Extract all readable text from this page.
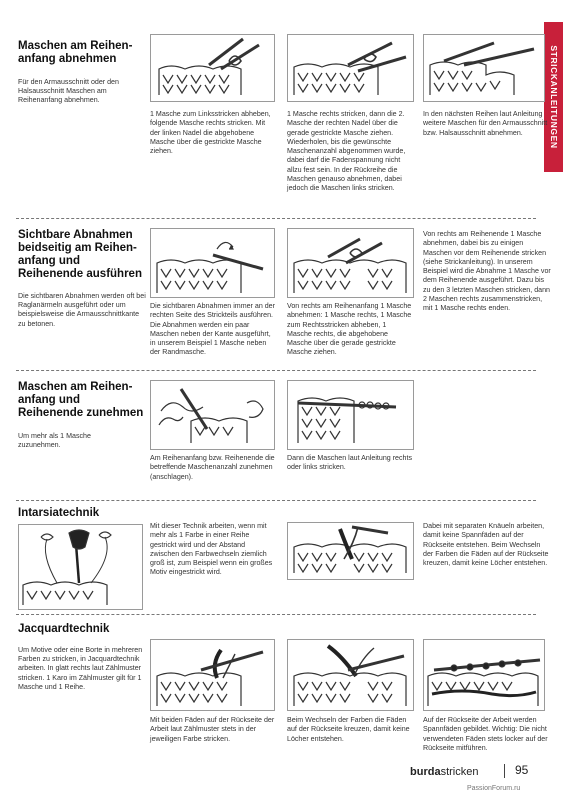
STRICKANLEITUNGEN
Maschen am Reihen-
anfang abnehmen
Für den Armausschnitt oder den Halsausschnitt Maschen am Reihenanfang abnehmen.
1 Masche zum Linksstricken abheben, folgende Masche rechts stricken. Mit der linken Nadel die abgehobene Masche über die gestrickte Masche ziehen.
1 Masche rechts stricken, dann die 2. Masche der rechten Nadel über die gerade gestrickte Masche ziehen. Wiederholen, bis die gewünschte Maschenanzahl abgenommen wurde, dabei darf die Fadenspannung nicht allzu fest sein. In der Rückreihe die Maschen genauso abnehmen, dabei jedoch die Maschen links stricken.
In den nächsten Reihen laut Anleitung weitere Maschen für den Armausschnitt bzw. Halsausschnitt abnehmen.
Sichtbare Abnahmen beidseitig am Reihen-anfang und Reihenende ausführen
Die sichtbaren Abnahmen werden oft bei Raglanärmeln ausgeführt oder um beispielsweise die Armausschnittkante zu betonen.
Die sichtbaren Abnahmen immer an der rechten Seite des Strickteils ausführen. Die Abnahmen werden ein paar Maschen neben der Kante ausgeführt, in unserem Beispiel 1 Masche neben der Randmasche.
Von rechts am Reihenanfang 1 Masche abnehmen: 1 Masche rechts, 1 Masche zum Rechtsstricken abheben, 1 Masche rechts, die abgehobene Masche über die gerade gestrickte Masche ziehen.
Von rechts am Reihenende 1 Masche abnehmen, dabei bis zu einigen Maschen vor dem Reihenende stricken (siehe Strickanleitung). In unserem Beispiel wird die Abnahme 1 Masche vor dem Reihenende ausgeführt. Dazu bis zu den 3 letzten Maschen stricken, dann 2 Maschen rechts zusammenstricken, mit 1 Masche rechts enden.
Maschen am Reihen-
anfang und Reihenende zunehmen
Um mehr als 1 Masche zuzunehmen.
Am Reihenanfang bzw. Reihenende die betreffende Maschenanzahl zunehmen (anschlagen).
Dann die Maschen laut Anleitung rechts oder links stricken.
Intarsiatechnik
Mit dieser Technik arbeiten, wenn mit mehr als 1 Farbe in einer Reihe gestrickt wird und der Abstand zwischen den Farbwechseln ziemlich groß ist, zum Beispiel wenn ein großes Motiv eingestrickt wird.
Dabei mit separaten Knäueln arbeiten, damit keine Spannfäden auf der Rückseite entstehen. Beim Wechseln der Farben die Fäden auf der Rückseite kreuzen, damit keine Löcher entstehen.
Jacquardtechnik
Um Motive oder eine Borte in mehreren Farben zu stricken, in Jacquardtechnik arbeiten. In glatt rechts laut Zählmuster stricken. 1 Karo im Zählmuster gilt für 1 Masche und 1 Reihe.
Mit beiden Fäden auf der Rückseite der Arbeit laut Zählmuster stets in der jeweiligen Farbe stricken.
Beim Wechseln der Farben die Fäden auf der Rückseite kreuzen, damit keine Löcher entstehen.
Auf der Rückseite der Arbeit werden Spannfäden gebildet. Wichtig: Die nicht verwendeten Fäden stets locker auf der Rückseite mitführen.
burdastricken	95
PassionForum.ru
